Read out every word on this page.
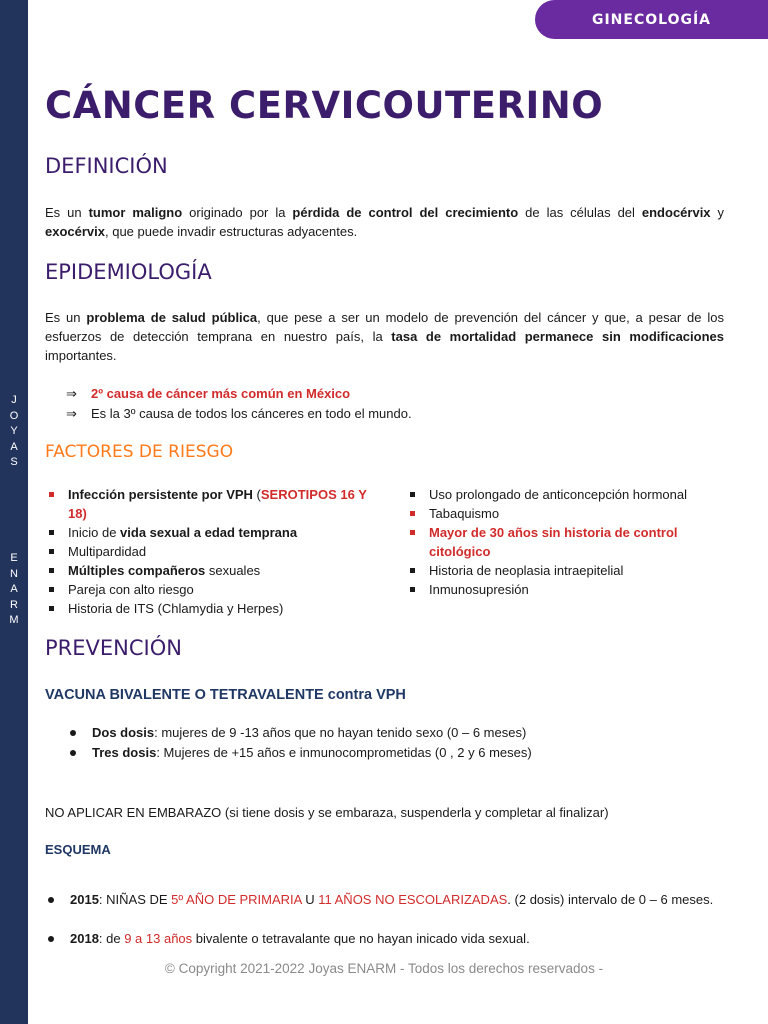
J
O
Y
A
S
E
N
A
R
M
GINECOLOGÍA
CÁNCER CERVICOUTERINO
DEFINICIÓN
Es un tumor maligno originado por la pérdida de control del crecimiento de las células del endocérvix y exocérvix, que puede invadir estructuras adyacentes.
EPIDEMIOLOGÍA
Es un problema de salud pública, que pese a ser un modelo de prevención del cáncer y que, a pesar de los esfuerzos de detección temprana en nuestro país, la tasa de mortalidad permanece sin modificaciones importantes.
⇒	2º causa de cáncer más común en México
⇒	Es la 3º causa de todos los cánceres en todo el mundo.
FACTORES DE RIESGO
Infección persistente por VPH (SEROTIPOS 16 Y 18)
Inicio de vida sexual a edad temprana
Multipardidad
Múltiples compañeros sexuales
Pareja con alto riesgo
Historia de ITS (Chlamydia y Herpes)
Uso prolongado de anticoncepción hormonal
Tabaquismo
Mayor de 30 años sin historia de control citológico
Historia de neoplasia intraepitelial
Inmunosupresión
PREVENCIÓN
VACUNA BIVALENTE O TETRAVALENTE contra VPH
Dos dosis: mujeres de 9 -13 años que no hayan tenido sexo (0 – 6 meses)
Tres dosis: Mujeres de +15 años e inmunocomprometidas (0 , 2 y 6 meses)
NO APLICAR EN EMBARAZO (si tiene dosis y se embaraza, suspenderla y completar al finalizar)
ESQUEMA
2015: NIÑAS DE 5º AÑO DE PRIMARIA U 11 AÑOS NO ESCOLARIZADAS. (2 dosis) intervalo de 0 – 6 meses.
2018: de 9 a 13 años bivalente o tetravalante que no hayan inicado vida sexual.
© Copyright 2021-2022 Joyas ENARM - Todos los derechos reservados -
